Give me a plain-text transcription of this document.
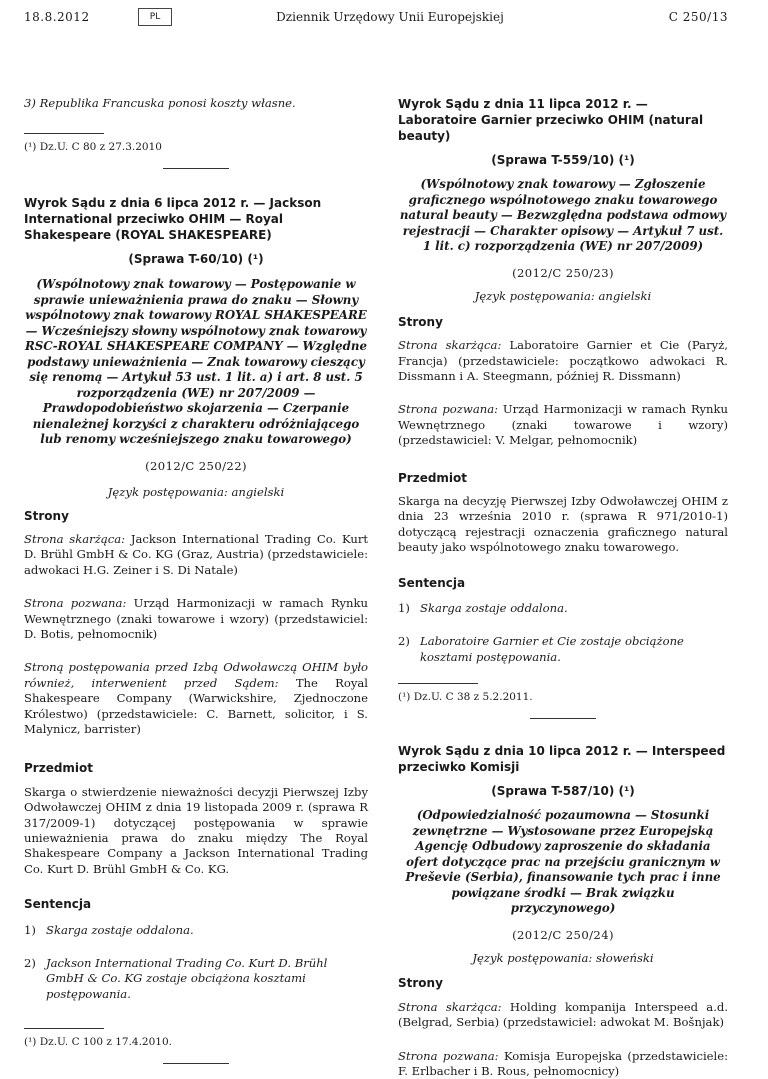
18.8.2012	PL	Dziennik Urzędowy Unii Europejskiej	C 250/13

3) Republika Francuska ponosi koszty własne.

(¹) Dz.U. C 80 z 27.3.2010

Wyrok Sądu z dnia 6 lipca 2012 r. — Jackson International przeciwko OHIM — Royal Shakespeare (ROYAL SHAKESPEARE)

(Sprawa T-60/10) (¹)

(Wspólnotowy znak towarowy — Postępowanie w sprawie unieważnienia prawa do znaku — Słowny wspólnotowy znak towarowy ROYAL SHAKESPEARE — Wcześniejszy słowny wspólnotowy znak towarowy RSC-ROYAL SHAKESPEARE COMPANY — Względne podstawy unieważnienia — Znak towarowy cieszący się renomą — Artykuł 53 ust. 1 lit. a) i art. 8 ust. 5 rozporządzenia (WE) nr 207/2009 — Prawdopodobieństwo skojarzenia — Czerpanie nienależnej korzyści z charakteru odróżniającego lub renomy wcześniejszego znaku towarowego)

(2012/C 250/22)

Język postępowania: angielski

Strony

Strona skarżąca: Jackson International Trading Co. Kurt D. Brühl GmbH & Co. KG (Graz, Austria) (przedstawiciele: adwokaci H.G. Zeiner i S. Di Natale)

Strona pozwana: Urząd Harmonizacji w ramach Rynku Wewnętrznego (znaki towarowe i wzory) (przedstawiciel: D. Botis, pełnomocnik)

Stroną postępowania przed Izbą Odwoławczą OHIM było również, interwenient przed Sądem: The Royal Shakespeare Company (Warwickshire, Zjednoczone Królestwo) (przedstawiciele: C. Barnett, solicitor, i S. Malynicz, barrister)

Przedmiot

Skarga o stwierdzenie nieważności decyzji Pierwszej Izby Odwoławczej OHIM z dnia 19 listopada 2009 r. (sprawa R 317/2009-1) dotyczącej postępowania w sprawie unieważnienia prawa do znaku między The Royal Shakespeare Company a Jackson International Trading Co. Kurt D. Brühl GmbH & Co. KG.

Sentencja

1) Skarga zostaje oddalona.
2) Jackson International Trading Co. Kurt D. Brühl GmbH & Co. KG zostaje obciążona kosztami postępowania.

(¹) Dz.U. C 100 z 17.4.2010.

Wyrok Sądu z dnia 11 lipca 2012 r. — Laboratoire Garnier przeciwko OHIM (natural beauty)

(Sprawa T-559/10) (¹)

(Wspólnotowy znak towarowy — Zgłoszenie graficznego wspólnotowego znaku towarowego natural beauty — Bezwzględna podstawa odmowy rejestracji — Charakter opisowy — Artykuł 7 ust. 1 lit. c) rozporządzenia (WE) nr 207/2009)

(2012/C 250/23)

Język postępowania: angielski

Strony

Strona skarżąca: Laboratoire Garnier et Cie (Paryż, Francja) (przedstawiciele: początkowo adwokaci R. Dissmann i A. Steegmann, później R. Dissmann)

Strona pozwana: Urząd Harmonizacji w ramach Rynku Wewnętrznego (znaki towarowe i wzory) (przedstawiciel: V. Melgar, pełnomocnik)

Przedmiot

Skarga na decyzję Pierwszej Izby Odwoławczej OHIM z dnia 23 września 2010 r. (sprawa R 971/2010-1) dotyczącą rejestracji oznaczenia graficznego natural beauty jako wspólnotowego znaku towarowego.

Sentencja

1) Skarga zostaje oddalona.
2) Laboratoire Garnier et Cie zostaje obciążone kosztami postępowania.

(¹) Dz.U. C 38 z 5.2.2011.

Wyrok Sądu z dnia 10 lipca 2012 r. — Interspeed przeciwko Komisji

(Sprawa T-587/10) (¹)

(Odpowiedzialność pozaumowna — Stosunki zewnętrzne — Wystosowane przez Europejską Agencję Odbudowy zaproszenie do składania ofert dotyczące prac na przejściu granicznym w Preševie (Serbia), finansowanie tych prac i inne powiązane środki — Brak związku przyczynowego)

(2012/C 250/24)

Język postępowania: słoweński

Strony

Strona skarżąca: Holding kompanija Interspeed a.d. (Belgrad, Serbia) (przedstawiciel: adwokat M. Bošnjak)

Strona pozwana: Komisja Europejska (przedstawiciele: F. Erlbacher i B. Rous, pełnomocnicy)
